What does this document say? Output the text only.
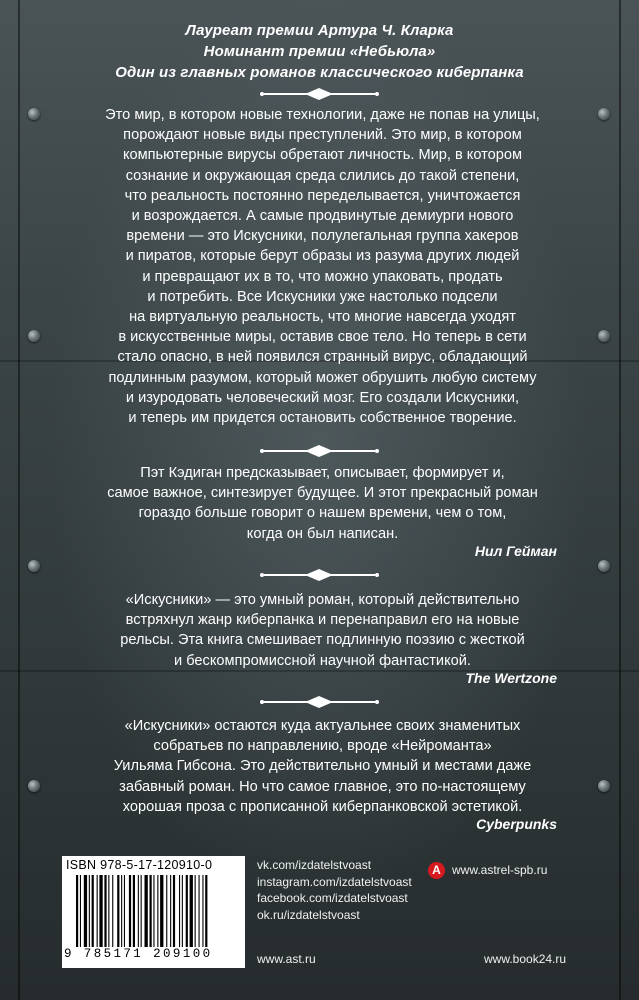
Лауреат премии Артура Ч. Кларка
Номинант премии «Небьюла»
Один из главных романов классического киберпанка
Это мир, в котором новые технологии, даже не попав на улицы,
порождают новые виды преступлений. Это мир, в котором
компьютерные вирусы обретают личность. Мир, в котором
сознание и окружающая среда слились до такой степени,
что реальность постоянно переделывается, уничтожается
и возрождается. А самые продвинутые демиурги нового
времени — это Искусники, полулегальная группа хакеров
и пиратов, которые берут образы из разума других людей
и превращают их в то, что можно упаковать, продать
и потребить. Все Искусники уже настолько подсели
на виртуальную реальность, что многие навсегда уходят
в искусственные миры, оставив свое тело. Но теперь в сети
стало опасно, в ней появился странный вирус, обладающий
подлинным разумом, который может обрушить любую систему
и изуродовать человеческий мозг. Его создали Искусники,
и теперь им придется остановить собственное творение.
Пэт Кэдиган предсказывает, описывает, формирует и,
самое важное, синтезирует будущее. И этот прекрасный роман
гораздо больше говорит о нашем времени, чем о том,
когда он был написан.
Нил Гейман
«Искусники» — это умный роман, который действительно
встряхнул жанр киберпанка и перенаправил его на новые
рельсы. Эта книга смешивает подлинную поэзию с жесткой
и бескомпромиссной научной фантастикой.
The Wertzone
«Искусники» остаются куда актуальнее своих знаменитых
собратьев по направлению, вроде «Нейроманта»
Уильяма Гибсона. Это действительно умный и местами даже
забавный роман. Но что самое главное, это по-настоящему
хорошая проза с прописанной киберпанковской эстетикой.
Cyberpunks
ISBN 978-5-17-120910-0
9 785171 209100
vk.com/izdatelstvoast
instagram.com/izdatelstvoast
facebook.com/izdatelstvoast
ok.ru/izdatelstvoast
www.ast.ru
A www.astrel-spb.ru
www.book24.ru
